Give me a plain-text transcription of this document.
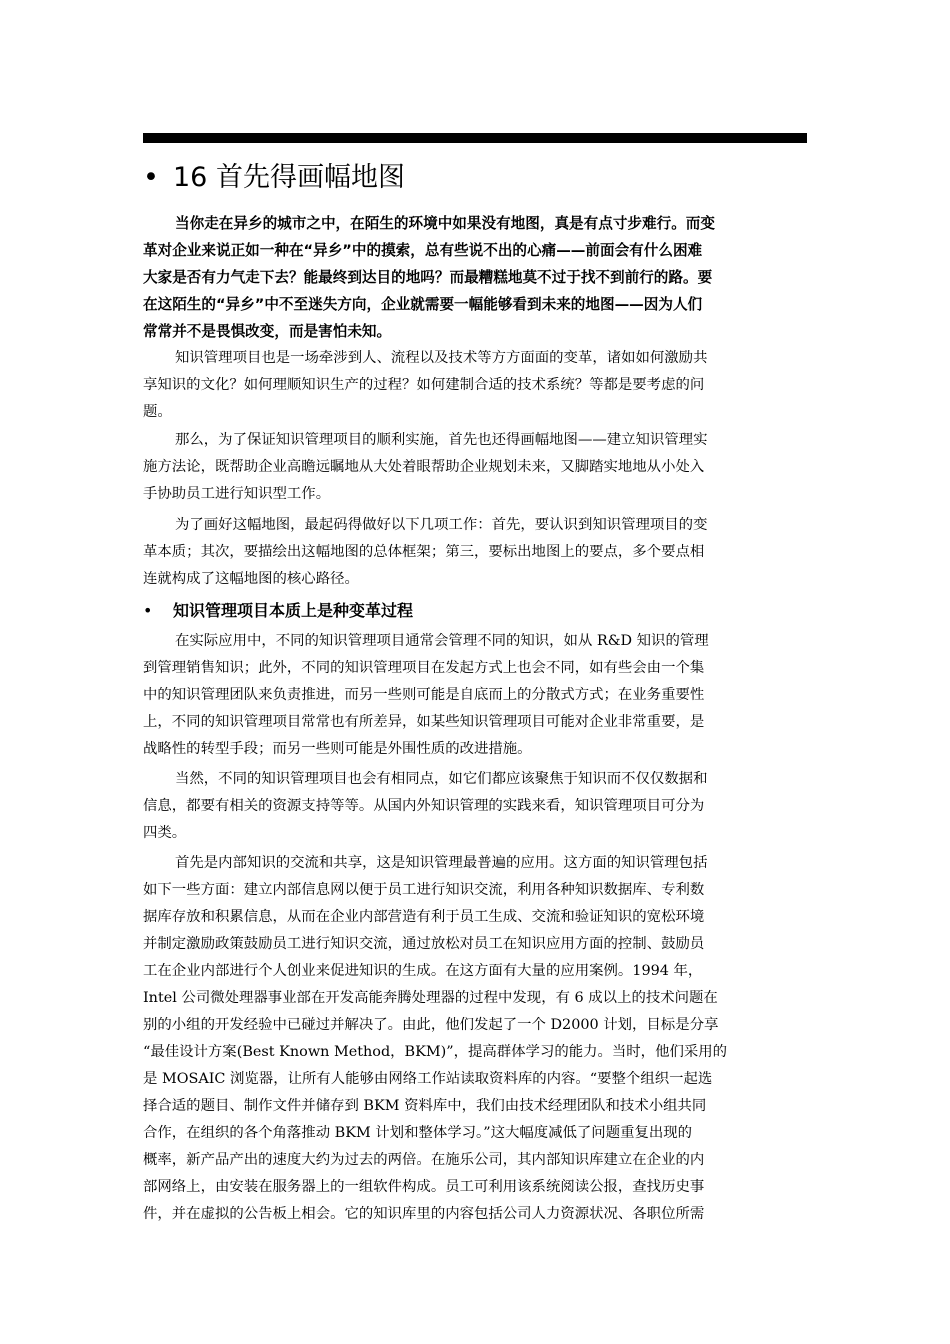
• 16 首先得画幅地图
当你走在异乡的城市之中，在陌生的环境中如果没有地图，真是有点寸步难行。而变
革对企业来说正如一种在“异乡”中的摸索，总有些说不出的心痛——前面会有什么困难
大家是否有力气走下去？能最终到达目的地吗？而最糟糕地莫不过于找不到前行的路。要
在这陌生的“异乡”中不至迷失方向，企业就需要一幅能够看到未来的地图——因为人们
常常并不是畏惧改变，而是害怕未知。
知识管理项目也是一场牵涉到人、流程以及技术等方方面面的变革，诸如如何激励共
享知识的文化？如何理顺知识生产的过程？如何建制合适的技术系统？等都是要考虑的问
题。
那么，为了保证知识管理项目的顺利实施，首先也还得画幅地图——建立知识管理实
施方法论，既帮助企业高瞻远瞩地从大处着眼帮助企业规划未来，又脚踏实地地从小处入
手协助员工进行知识型工作。
为了画好这幅地图，最起码得做好以下几项工作：首先，要认识到知识管理项目的变
革本质；其次，要描绘出这幅地图的总体框架；第三，要标出地图上的要点，多个要点相
连就构成了这幅地图的核心路径。
• 知识管理项目本质上是种变革过程
在实际应用中，不同的知识管理项目通常会管理不同的知识，如从 R&D 知识的管理
到管理销售知识；此外，不同的知识管理项目在发起方式上也会不同，如有些会由一个集
中的知识管理团队来负责推进，而另一些则可能是自底而上的分散式方式；在业务重要性
上，不同的知识管理项目常常也有所差异，如某些知识管理项目可能对企业非常重要，是
战略性的转型手段；而另一些则可能是外围性质的改进措施。
当然，不同的知识管理项目也会有相同点，如它们都应该聚焦于知识而不仅仅数据和
信息，都要有相关的资源支持等等。从国内外知识管理的实践来看，知识管理项目可分为
四类。
首先是内部知识的交流和共享，这是知识管理最普遍的应用。这方面的知识管理包括
如下一些方面：建立内部信息网以便于员工进行知识交流，利用各种知识数据库、专利数
据库存放和积累信息，从而在企业内部营造有利于员工生成、交流和验证知识的宽松环境
并制定激励政策鼓励员工进行知识交流，通过放松对员工在知识应用方面的控制、鼓励员
工在企业内部进行个人创业来促进知识的生成。在这方面有大量的应用案例。1994 年，
Intel 公司微处理器事业部在开发高能奔腾处理器的过程中发现，有 6 成以上的技术问题在
别的小组的开发经验中已碰过并解决了。由此，他们发起了一个 D2000 计划，目标是分享
“最佳设计方案(Best Known Method，BKM)”，提高群体学习的能力。当时，他们采用的
是 MOSAIC 浏览器，让所有人能够由网络工作站读取资料库的内容。“要整个组织一起选
择合适的题目、制作文件并储存到 BKM 资料库中，我们由技术经理团队和技术小组共同
合作，在组织的各个角落推动 BKM 计划和整体学习。”这大幅度减低了问题重复出现的
概率，新产品产出的速度大约为过去的两倍。在施乐公司，其内部知识库建立在企业的内
部网络上，由安装在服务器上的一组软件构成。员工可利用该系统阅读公报，查找历史事
件，并在虚拟的公告板上相会。它的知识库里的内容包括公司人力资源状况、各职位所需
